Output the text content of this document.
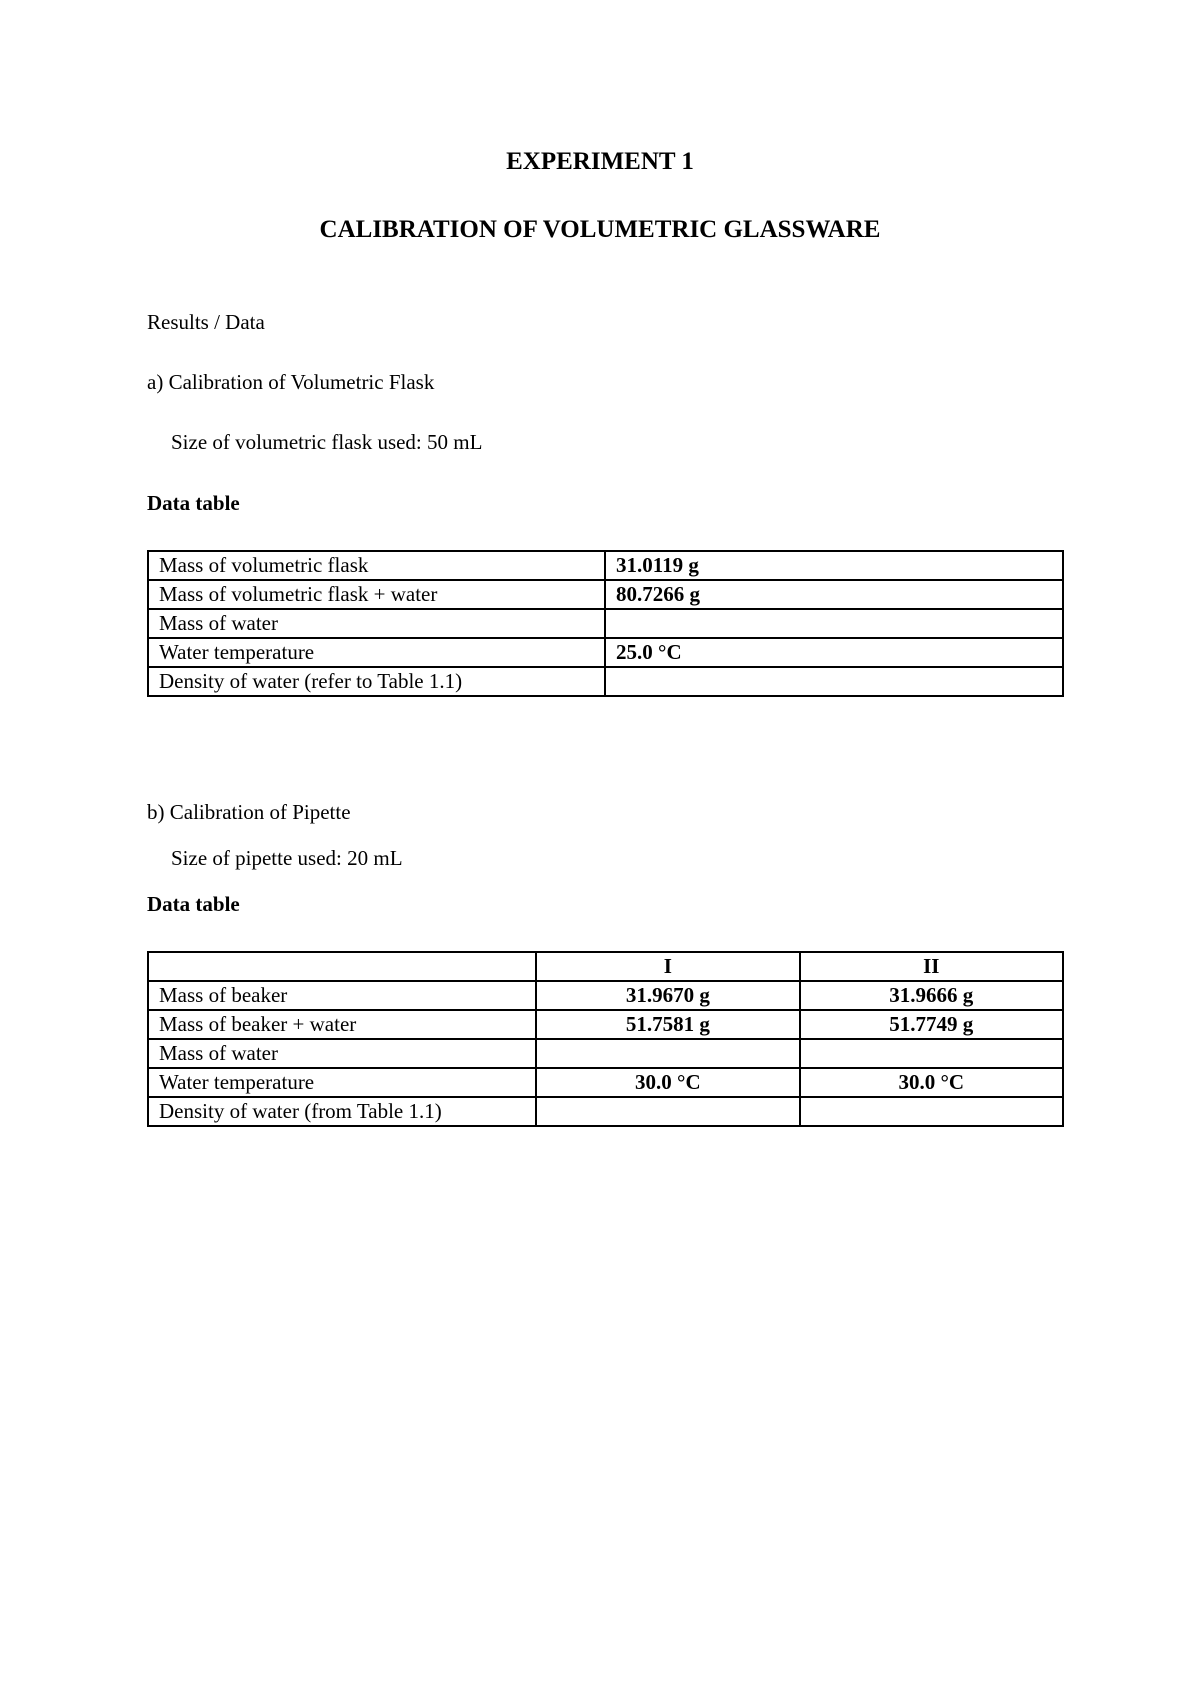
EXPERIMENT 1
CALIBRATION OF VOLUMETRIC GLASSWARE
Results / Data
a) Calibration of Volumetric Flask
Size of volumetric flask used: 50 mL
Data table
Mass of volumetric flask	31.0119 g
Mass of volumetric flask + water	80.7266 g
Mass of water	
Water temperature	25.0 °C
Density of water (refer to Table 1.1)	
b) Calibration of Pipette
Size of pipette used: 20 mL
Data table
	I	II
Mass of beaker	31.9670 g	31.9666 g
Mass of beaker + water	51.7581 g	51.7749 g
Mass of water		
Water temperature	30.0 °C	30.0 °C
Density of water (from Table 1.1)		
